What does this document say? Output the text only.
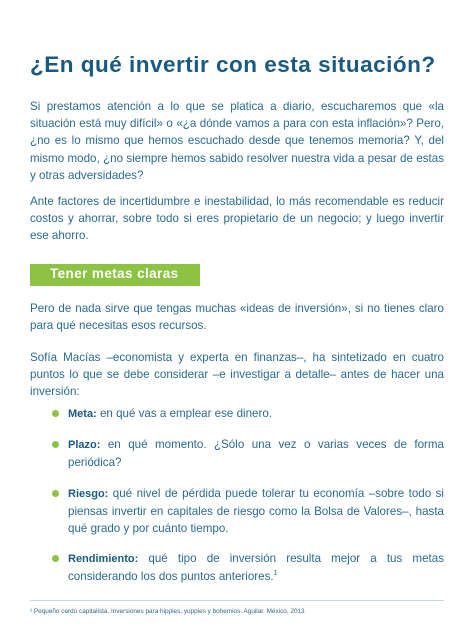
¿En qué invertir con esta situación?

Si prestamos atención a lo que se platica a diario, escucharemos que «la situación está muy difícil» o «¿a dónde vamos a para con esta inflación»? Pero, ¿no es lo mismo que hemos escuchado desde que tenemos memoria? Y, del mismo modo, ¿no siempre hemos sabido resolver nuestra vida a pesar de estas y otras adversidades?

Ante factores de incertidumbre e inestabilidad, lo más recomendable es reducir costos y ahorrar, sobre todo si eres propietario de un negocio; y luego invertir ese ahorro.

Tener metas claras

Pero de nada sirve que tengas muchas «ideas de inversión», si no tienes claro para qué necesitas esos recursos.

Sofía Macías –economista y experta en finanzas–, ha sintetizado en cuatro puntos lo que se debe considerar –e investigar a detalle– antes de hacer una inversión:

Meta: en qué vas a emplear ese dinero.
Plazo: en qué momento. ¿Sólo una vez o varias veces de forma periódica?
Riesgo: qué nivel de pérdida puede tolerar tu economía –sobre todo si piensas invertir en capitales de riesgo como la Bolsa de Valores–, hasta qué grado y por cuánto tiempo.
Rendimiento: qué tipo de inversión resulta mejor a tus metas considerando los dos puntos anteriores.$^1$

¹ Pequeño cerdo capitalista. Inversiones para hippies, yuppies y bohemios. Aguilar. México, 2013
